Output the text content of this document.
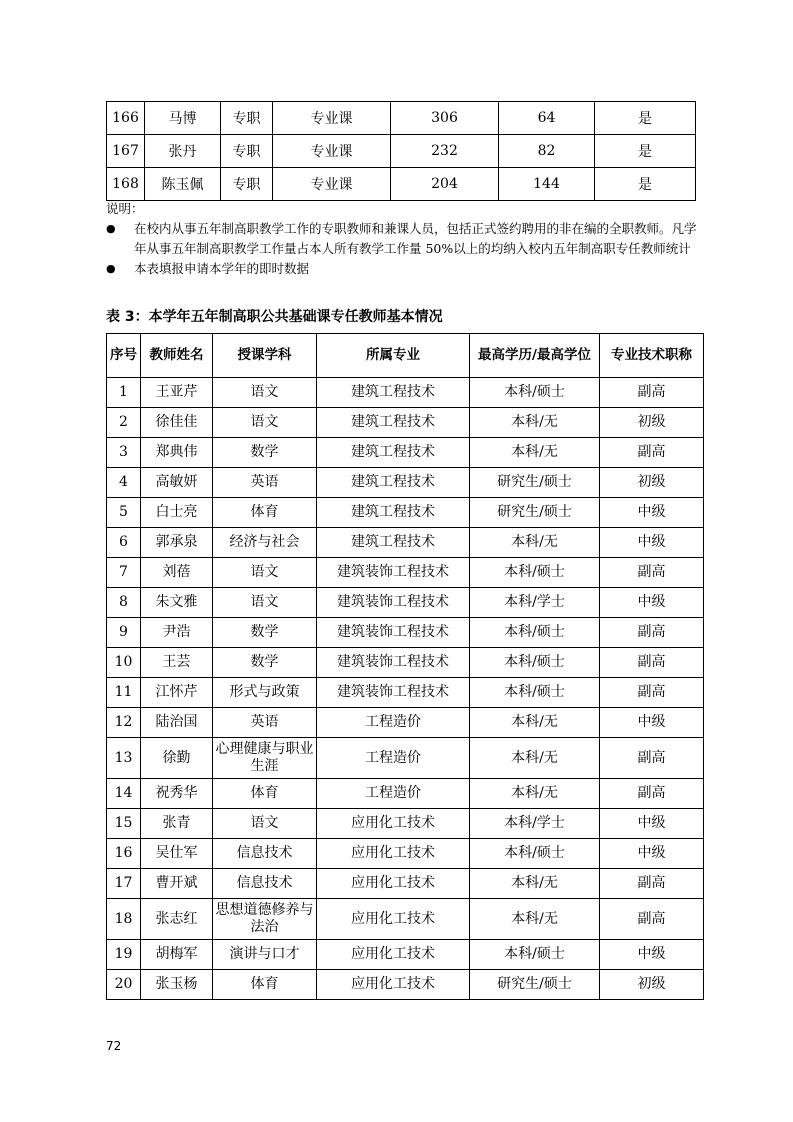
166	马博	专职	专业课	306	64	是
167	张丹	专职	专业课	232	82	是
168	陈玉佩	专职	专业课	204	144	是
说明：
● 在校内从事五年制高职教学工作的专职教师和兼课人员，包括正式签约聘用的非在编的全职教师。凡学年从事五年制高职教学工作量占本人所有教学工作量 50%以上的均纳入校内五年制高职专任教师统计
● 本表填报申请本学年的即时数据
表 3：本学年五年制高职公共基础课专任教师基本情况
序号	教师姓名	授课学科	所属专业	最高学历/最高学位	专业技术职称
1	王亚芹	语文	建筑工程技术	本科/硕士	副高
2	徐佳佳	语文	建筑工程技术	本科/无	初级
3	郑典伟	数学	建筑工程技术	本科/无	副高
4	高敏妍	英语	建筑工程技术	研究生/硕士	初级
5	白士亮	体育	建筑工程技术	研究生/硕士	中级
6	郭承泉	经济与社会	建筑工程技术	本科/无	中级
7	刘蓓	语文	建筑装饰工程技术	本科/硕士	副高
8	朱文雅	语文	建筑装饰工程技术	本科/学士	中级
9	尹浩	数学	建筑装饰工程技术	本科/硕士	副高
10	王芸	数学	建筑装饰工程技术	本科/硕士	副高
11	江怀芹	形式与政策	建筑装饰工程技术	本科/硕士	副高
12	陆治国	英语	工程造价	本科/无	中级
13	徐勤	心理健康与职业生涯	工程造价	本科/无	副高
14	祝秀华	体育	工程造价	本科/无	副高
15	张青	语文	应用化工技术	本科/学士	中级
16	吴仕军	信息技术	应用化工技术	本科/硕士	中级
17	曹开斌	信息技术	应用化工技术	本科/无	副高
18	张志红	思想道德修养与法治	应用化工技术	本科/无	副高
19	胡梅军	演讲与口才	应用化工技术	本科/硕士	中级
20	张玉杨	体育	应用化工技术	研究生/硕士	初级
72
